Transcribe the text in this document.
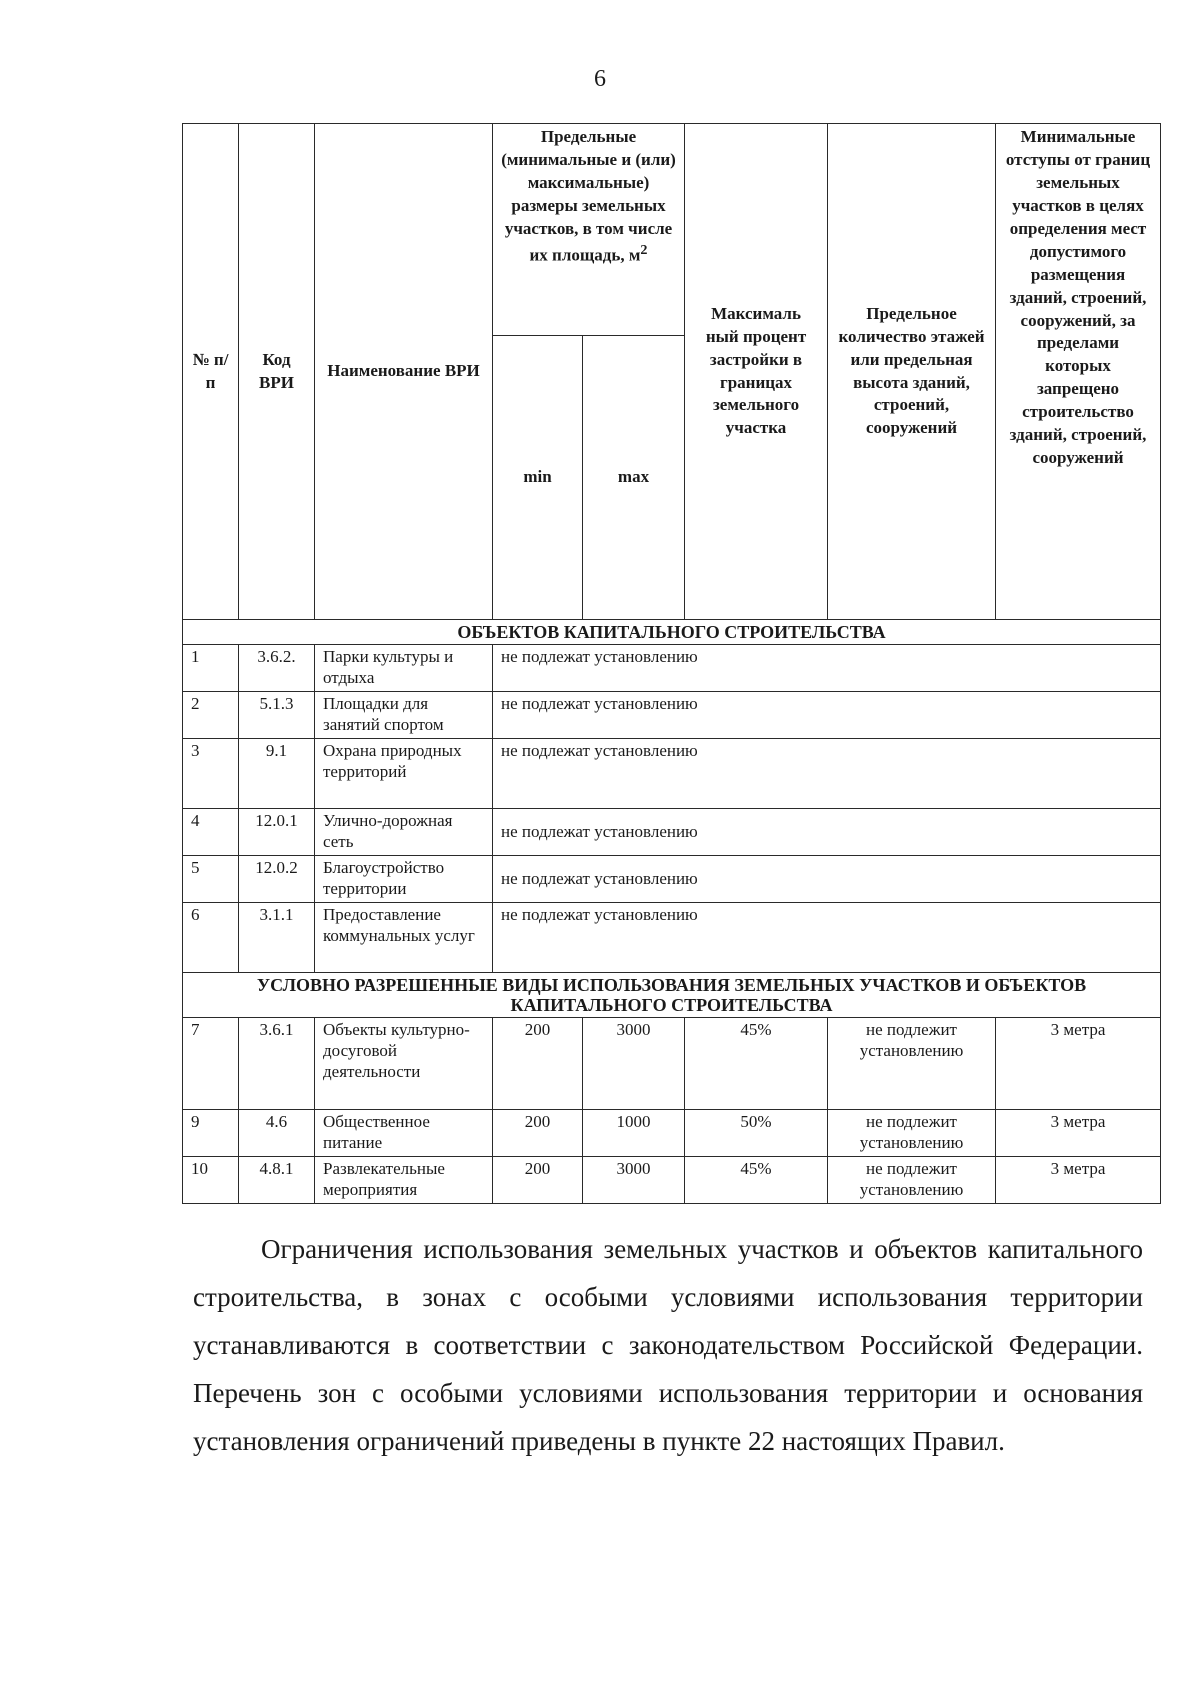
6
№ п/п	Код ВРИ	Наименование ВРИ	Предельные (минимальные и (или) максимальные) размеры земельных участков, в том числе их площадь, $м^2$		Максималь ный процент застройки в границах земельного участка	Предельное количество этажей или предельная высота зданий, строений, сооружений	Минимальные отступы от границ земельных участков в целях определения мест допустимого размещения зданий, строений, сооружений, за пределами которых запрещено строительство зданий, строений, сооружений
			min	max			
ОБЪЕКТОВ КАПИТАЛЬНОГО СТРОИТЕЛЬСТВА							
1	3.6.2.	Парки культуры и отдыха	не подлежат установлению				
2	5.1.3	Площадки для занятий спортом	не подлежат установлению				
3	9.1	Охрана природных территорий	не подлежат установлению				
4	12.0.1	Улично-дорожная сеть	не подлежат установлению				
5	12.0.2	Благоустройство территории	не подлежат установлению				
6	3.1.1	Предоставление коммунальных услуг	не подлежат установлению				
УСЛОВНО РАЗРЕШЕННЫЕ ВИДЫ ИСПОЛЬЗОВАНИЯ ЗЕМЕЛЬНЫХ УЧАСТКОВ И ОБЪЕКТОВ КАПИТАЛЬНОГО СТРОИТЕЛЬСТВА							
7	3.6.1	Объекты культурно-досуговой деятельности	200	3000	45%	не подлежит установлению	3 метра
9	4.6	Общественное питание	200	1000	50%	не подлежит установлению	3 метра
10	4.8.1	Развлекательные мероприятия	200	3000	45%	не подлежит установлению	3 метра

Ограничения использования земельных участков и объектов капитального строительства, в зонах с особыми условиями использования территории устанавливаются в соответствии с законодательством Российской Федерации. Перечень зон с особыми условиями использования территории и основания установления ограничений приведены в пункте 22 настоящих Правил.
